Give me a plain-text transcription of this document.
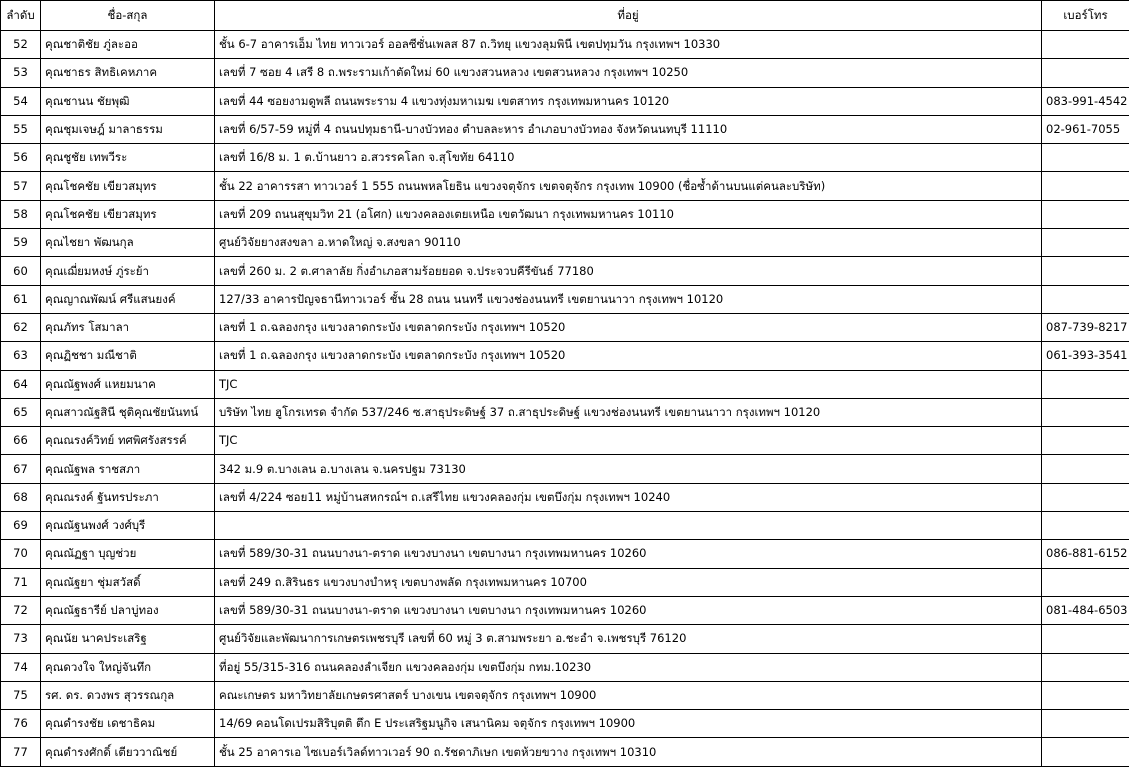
ลำดับ	ชื่อ-สกุล	ที่อยู่	เบอร์โทร
52	คุณชาติชัย ภู่ละออ	ชั้น 6-7 อาคารเอ็ม ไทย ทาวเวอร์ ออลซีซั่นเพลส 87 ถ.วิทยุ แขวงลุมพินี เขตปทุมวัน กรุงเทพฯ 10330	
53	คุณชาธร สิทธิเคหภาค	เลขที่ 7 ซอย 4 เสรี 8 ถ.พระรามเก้าตัดใหม่ 60 แขวงสวนหลวง เขตสวนหลวง กรุงเทพฯ 10250	
54	คุณชานน ชัยพุฒิ	เลขที่ 44 ซอยงามดูพลี ถนนพระราม 4 แขวงทุ่งมหาเมฆ เขตสาทร กรุงเทพมหานคร 10120	083-991-4542
55	คุณชุมเจษฎ์ มาลาธรรม	เลขที่ 6/57-59 หมู่ที่ 4 ถนนปทุมธานี-บางบัวทอง ตำบลละหาร อำเภอบางบัวทอง จังหวัดนนทบุรี 11110	02-961-7055
56	คุณชูชัย เทพวีระ	เลขที่ 16/8 ม. 1 ต.บ้านยาว อ.สวรรคโลก จ.สุโขทัย 64110	
57	คุณโชคชัย เขียวสมุทร	ชั้น 22 อาคารรสา ทาวเวอร์ 1 555 ถนนพหลโยธิน แขวงจตุจักร เขตจตุจักร กรุงเทพ 10900 (ชื่อซ้ำด้านบนแต่คนละบริษัท)	
58	คุณโชคชัย เขียวสมุทร	เลขที่ 209 ถนนสุขุมวิท 21 (อโศก) แขวงคลองเตยเหนือ เขตวัฒนา กรุงเทพมหานคร 10110	
59	คุณไชยา พัฒนกุล	ศูนย์วิจัยยางสงขลา อ.หาดใหญ่ จ.สงขลา 90110	
60	คุณเฌี่ยมหงษ์ ภู่ระย้า	เลขที่ 260 ม. 2 ต.ศาลาลัย กิ่งอำเภอสามร้อยยอด จ.ประจวบคีรีขันธ์ 77180	
61	คุณญาณพัฒน์ ศรีแสนยงค์	127/33 อาคารปัญจธานีทาวเวอร์ ชั้น 28 ถนน นนทรี แขวงช่องนนทรี เขตยานนาวา กรุงเทพฯ 10120	
62	คุณภัทร โสมาลา	เลขที่ 1 ถ.ฉลองกรุง แขวงลาดกระบัง เขตลาดกระบัง กรุงเทพฯ 10520	087-739-8217
63	คุณฏิชชา มณีชาติ	เลขที่ 1 ถ.ฉลองกรุง แขวงลาดกระบัง เขตลาดกระบัง กรุงเทพฯ 10520	061-393-3541
64	คุณณัฐพงศ์ แหยมนาค	TJC	
65	คุณสาวณัฐสินี ชุติคุณชัยนันทน์	บริษัท ไทย ฮูโกรเทรด จำกัด 537/246 ซ.สาธุประดิษฐ์ 37 ถ.สาธุประดิษฐ์ แขวงช่องนนทรี เขตยานนาวา กรุงเทพฯ 10120	
66	คุณณรงค์วิทย์ ทศพิศรังสรรค์	TJC	
67	คุณณัฐพล ราชสภา	342 ม.9 ต.บางเลน อ.บางเลน จ.นครปฐม 73130	
68	คุณณรงค์ ฐันทรประภา	เลขที่ 4/224 ซอย11 หมู่บ้านสหกรณ์ฯ ถ.เสรีไทย แขวงคลองกุ่ม เขตบึงกุ่ม กรุงเทพฯ 10240	
69	คุณณัฐนพงศ์ วงศ์บุรี		
70	คุณณัฏฐา บุญช่วย	เลขที่ 589/30-31 ถนนบางนา-ตราด แขวงบางนา เขตบางนา กรุงเทพมหานคร 10260	086-881-6152
71	คุณณัฐยา ชุ่มสวัสดิ์	เลขที่ 249 ถ.สิรินธร แขวงบางบำหรุ เขตบางพลัด กรุงเทพมหานคร 10700	
72	คุณณัฐธารีย์ ปลาบู่ทอง	เลขที่ 589/30-31 ถนนบางนา-ตราด แขวงบางนา เขตบางนา กรุงเทพมหานคร 10260	081-484-6503
73	คุณนัย นาคประเสริฐ	ศูนย์วิจัยและพัฒนาการเกษตรเพชรบุรี เลขที่ 60 หมู่ 3 ต.สามพระยา อ.ชะอำ จ.เพชรบุรี 76120	
74	คุณดวงใจ ใหญ่จันทึก	ที่อยู่ 55/315-316 ถนนคลองลำเจียก แขวงคลองกุ่ม เขตบึงกุ่ม กทม.10230	
75	รศ. ดร. ดวงพร สุวรรณกุล	คณะเกษตร มหาวิทยาลัยเกษตรศาสตร์ บางเขน เขตจตุจักร กรุงเทพฯ 10900	
76	คุณดำรงชัย เดชาธิคม	14/69 คอนโดเปรมสิริบุตติ ตึก E ประเสริฐมนูกิจ เสนานิคม จตุจักร กรุงเทพฯ 10900	
77	คุณดำรงศักดิ์ เตียววาณิชย์	ชั้น 25 อาคารเอ ไซเบอร์เวิลด์ทาวเวอร์ 90 ถ.รัชดาภิเษก เขตห้วยขวาง กรุงเทพฯ 10310	
